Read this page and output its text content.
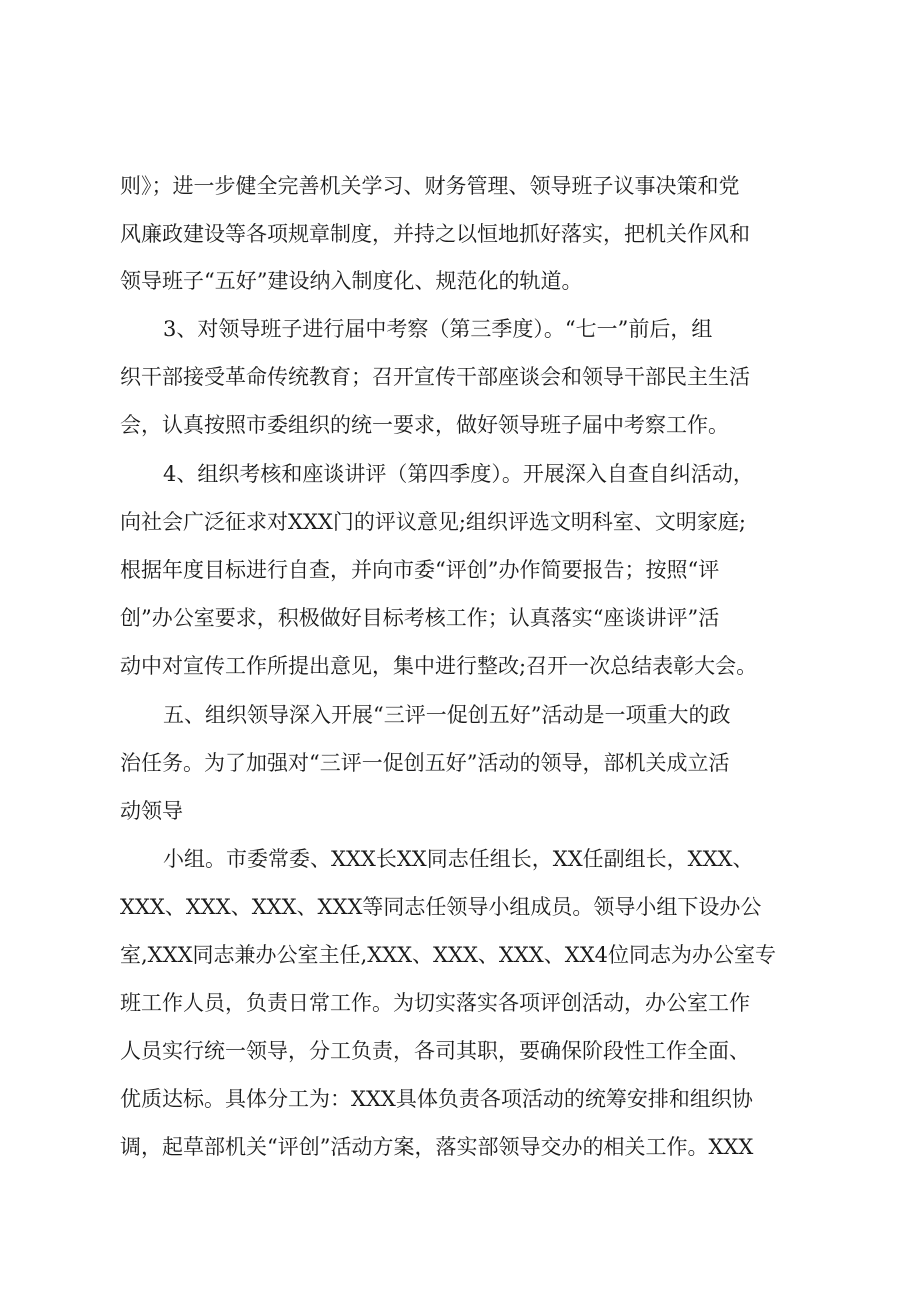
则》；进一步健全完善机关学习、财务管理、领导班子议事决策和党

风廉政建设等各项规章制度，并持之以恒地抓好落实，把机关作风和

领导班子“五好”建设纳入制度化、规范化的轨道。

3、对领导班子进行届中考察（第三季度）。“七一”前后，组

织干部接受革命传统教育；召开宣传干部座谈会和领导干部民主生活

会，认真按照市委组织的统一要求，做好领导班子届中考察工作。

4、组织考核和座谈讲评（第四季度）。开展深入自查自纠活动，

向社会广泛征求对XXX门的评议意见;组织评选文明科室、文明家庭;

根据年度目标进行自查，并向市委“评创”办作简要报告；按照“评

创”办公室要求，积极做好目标考核工作；认真落实“座谈讲评”活

动中对宣传工作所提出意见，集中进行整改;召开一次总结表彰大会。

五、组织领导深入开展“三评一促创五好”活动是一项重大的政

治任务。为了加强对“三评一促创五好”活动的领导，部机关成立活

动领导

小组。市委常委、XXX长XX同志任组长，XX任副组长，XXX、

XXX、XXX、XXX、XXX等同志任领导小组成员。领导小组下设办公

室,XXX同志兼办公室主任,XXX、XXX、XXX、XX4位同志为办公室专

班工作人员，负责日常工作。为切实落实各项评创活动，办公室工作

人员实行统一领导，分工负责，各司其职，要确保阶段性工作全面、

优质达标。具体分工为：XXX具体负责各项活动的统筹安排和组织协

调，起草部机关“评创”活动方案，落实部领导交办的相关工作。XXX
